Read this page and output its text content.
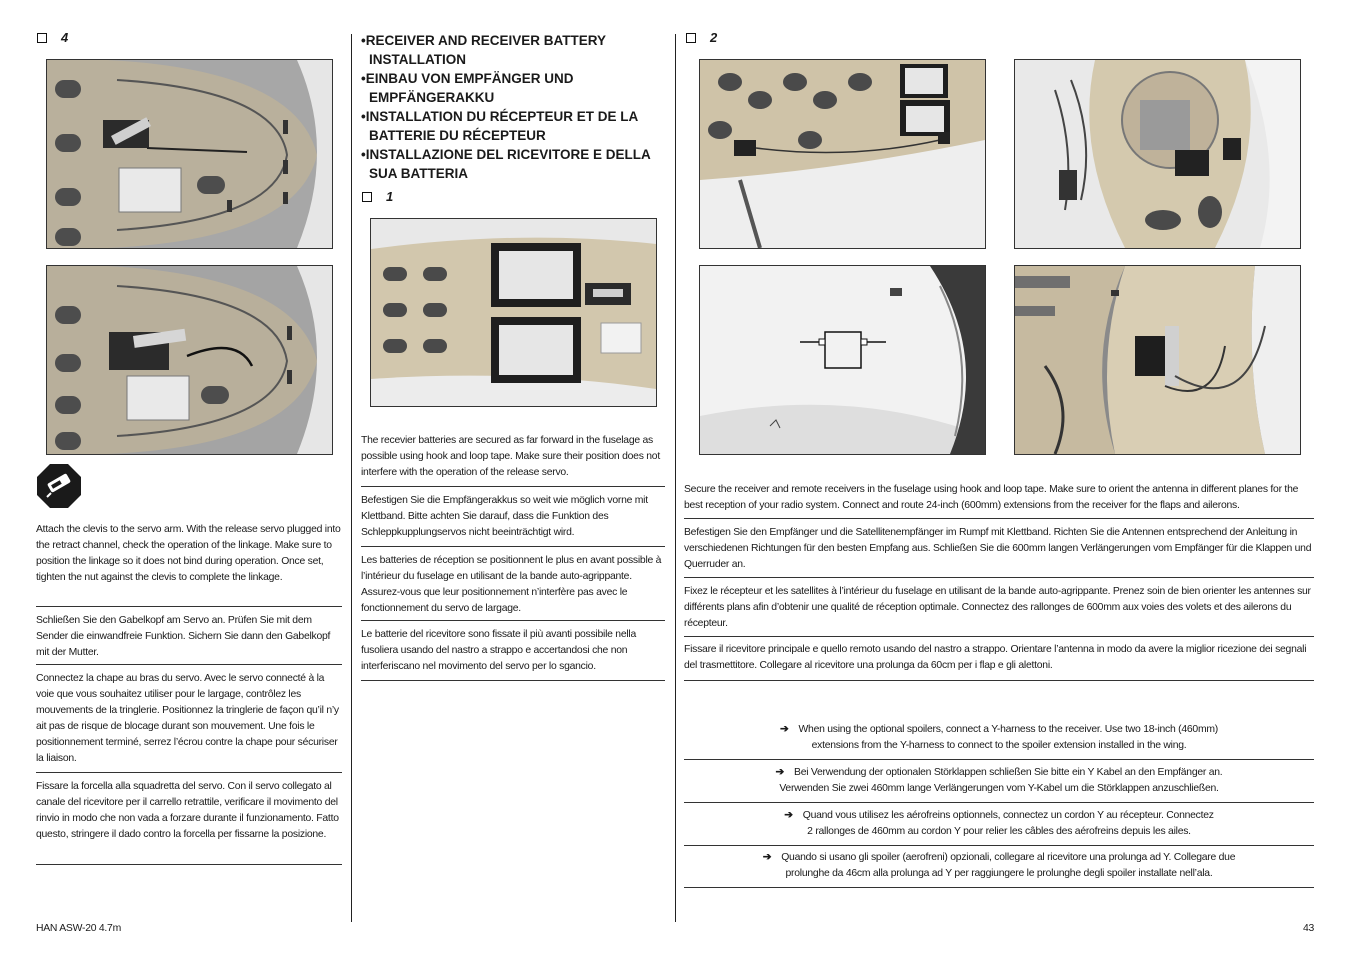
4
Attach the clevis to the servo arm. With the release servo plugged into the retract channel, check the operation of the linkage. Make sure to position the linkage so it does not bind during operation. Once set, tighten the nut against the clevis to complete the linkage.
Schließen Sie den Gabelkopf am Servo an. Prüfen Sie mit dem Sender die einwandfreie Funktion. Sichern Sie dann den Gabelkopf mit der Mutter.
Connectez la chape au bras du servo. Avec le servo connecté à la voie que vous souhaitez utiliser pour le largage, contrôlez les mouvements de la tringlerie. Positionnez la tringlerie de façon qu’il n’y ait pas de risque de blocage durant son mouvement. Une fois le positionnement terminé, serrez l’écrou contre la chape pour sécuriser la liaison.
Fissare la forcella alla squadretta del servo. Con il servo collegato al canale del ricevitore per il carrello retrattile, verificare il movimento del rinvio in modo che non vada a forzare durante il funzionamento. Fatto questo, stringere il dado contro la forcella per fissarne la posizione.
•RECEIVER AND RECEIVER BATTERY INSTALLATION
•EINBAU VON EMPFÄNGER UND EMPFÄNGERAKKU
•INSTALLATION DU RÉCEPTEUR ET DE LA BATTERIE DU RÉCEPTEUR
•INSTALLAZIONE DEL RICEVITORE E DELLA SUA BATTERIA
1
The recevier batteries are secured as far forward in the fuselage as possible using hook and loop tape. Make sure their position does not interfere with the operation of the release servo.
Befestigen Sie die Empfängerakkus so weit wie möglich vorne mit Klettband. Bitte achten Sie darauf, dass die Funktion des Schleppkupplungservos nicht beeinträchtigt wird.
Les batteries de réception se positionnent le plus en avant possible à l’intérieur du fuselage en utilisant de la bande auto-agrippante. Assurez-vous que leur positionnement n’interfère pas avec le fonctionnement du servo de largage.
Le batterie del ricevitore sono fissate il più avanti possibile nella fusoliera usando del nastro a strappo e accertandosi che non interferiscano nel movimento del servo per lo sgancio.
2
Secure the receiver and remote receivers in the fuselage using hook and loop tape. Make sure to orient the antenna in different planes for the best reception of your radio system. Connect and route 24-inch (600mm) extensions from the receiver for the flaps and ailerons.
Befestigen Sie den Empfänger und die Satellitenempfänger im Rumpf mit Klettband. Richten Sie die Antennen entsprechend der Anleitung in verschiedenen Richtungen für den besten Empfang aus. Schließen Sie die 600mm langen Verlängerungen vom Empfänger für die Klappen und Querruder an.
Fixez le récepteur et les satellites à l’intérieur du fuselage en utilisant de la bande auto-agrippante. Prenez soin de bien orienter les antennes sur différents plans afin d’obtenir une qualité de réception optimale. Connectez des rallonges de 600mm aux voies des volets et des ailerons du récepteur.
Fissare il ricevitore principale e quello remoto usando del nastro a strappo. Orientare l’antenna in modo da avere la miglior ricezione dei segnali del trasmettitore. Collegare al ricevitore una prolunga da 60cm per i flap e gli alettoni.
➔ When using the optional spoilers, connect a Y-harness to the receiver. Use two 18-inch (460mm)
extensions from the Y-harness to connect to the spoiler extension installed in the wing.
➔ Bei Verwendung der optionalen Störklappen schließen Sie bitte ein Y Kabel an den Empfänger an.
Verwenden Sie zwei 460mm lange Verlängerungen vom Y-Kabel um die Störklappen anzuschließen.
➔ Quand vous utilisez les aérofreins optionnels, connectez un cordon Y au récepteur. Connectez
2 rallonges de 460mm au cordon Y pour relier les câbles des aérofreins depuis les ailes.
➔ Quando si usano gli spoiler (aerofreni) opzionali, collegare al ricevitore una prolunga ad Y. Collegare due
prolunghe da 46cm alla prolunga ad Y per raggiungere le prolunghe degli spoiler installate nell’ala.
HAN ASW-20 4.7m	43
